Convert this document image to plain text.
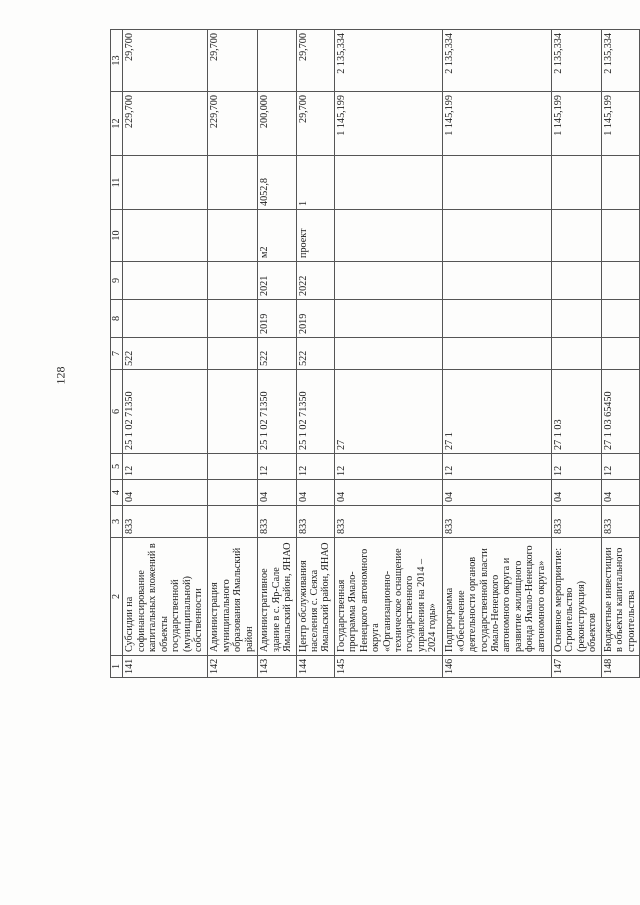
128
1	2	3	4	5	6	7	8	9	10	11	12	13
141	Субсидии на софинансирование капитальных вложений в объекты государственной (муниципальной) собственности	833	04	12	25 1 02 71350	522					229,700	29,700
142	Администрация муниципального образования Ямальский район										229,700	29,700
143	Административное здание в с. Яр-Сале Ямальский район, ЯНАО	833	04	12	25 1 02 71350	522	2019	2021	м2	4052,8	200,000	
144	Центр обслуживания населения с. Сеяха Ямальский район, ЯНАО	833	04	12	25 1 02 71350	522	2019	2022	проект	1	29,700	29,700
145	Государственная программа Ямало-Ненецкого автономного округа «Организационно-техническое оснащение государственного управления на 2014 – 2024 годы»	833	04	12	27						1 145,199	2 135,334
146	Подпрограмма «Обеспечение деятельности органов государственной власти Ямало-Ненецкого автономного округа и развитие жилищного фонда Ямало-Ненецкого автономного округа»	833	04	12	27 1						1 145,199	2 135,334
147	Основное мероприятие: Строительство (реконструкция) объектов	833	04	12	27 1 03						1 145,199	2 135,334
148	Бюджетные инвестиции в объекты капитального строительства	833	04	12	27 1 03 65450						1 145,199	2 135,334
